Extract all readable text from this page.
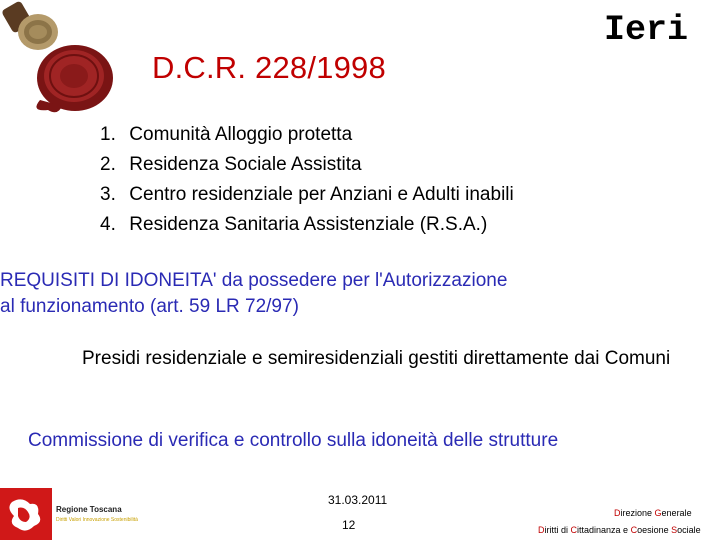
D.C.R. 228/1998
Ieri
1. Comunità Alloggio protetta
2. Residenza Sociale Assistita
3. Centro residenziale per Anziani e Adulti inabili
4. Residenza Sanitaria Assistenziale (R.S.A.)
REQUISITI DI IDONEITA' da possedere per l'Autorizzazione
al funzionamento (art. 59 LR 72/97)
Presidi residenziale e semiresidenziali gestiti direttamente dai Comuni
Commissione di verifica e controllo sulla idoneità delle strutture
Regione Toscana
Diritti Valori Innovazione Sostenibilità
31.03.2011
12
Direzione Generale
Diritti di Cittadinanza e Coesione Sociale
